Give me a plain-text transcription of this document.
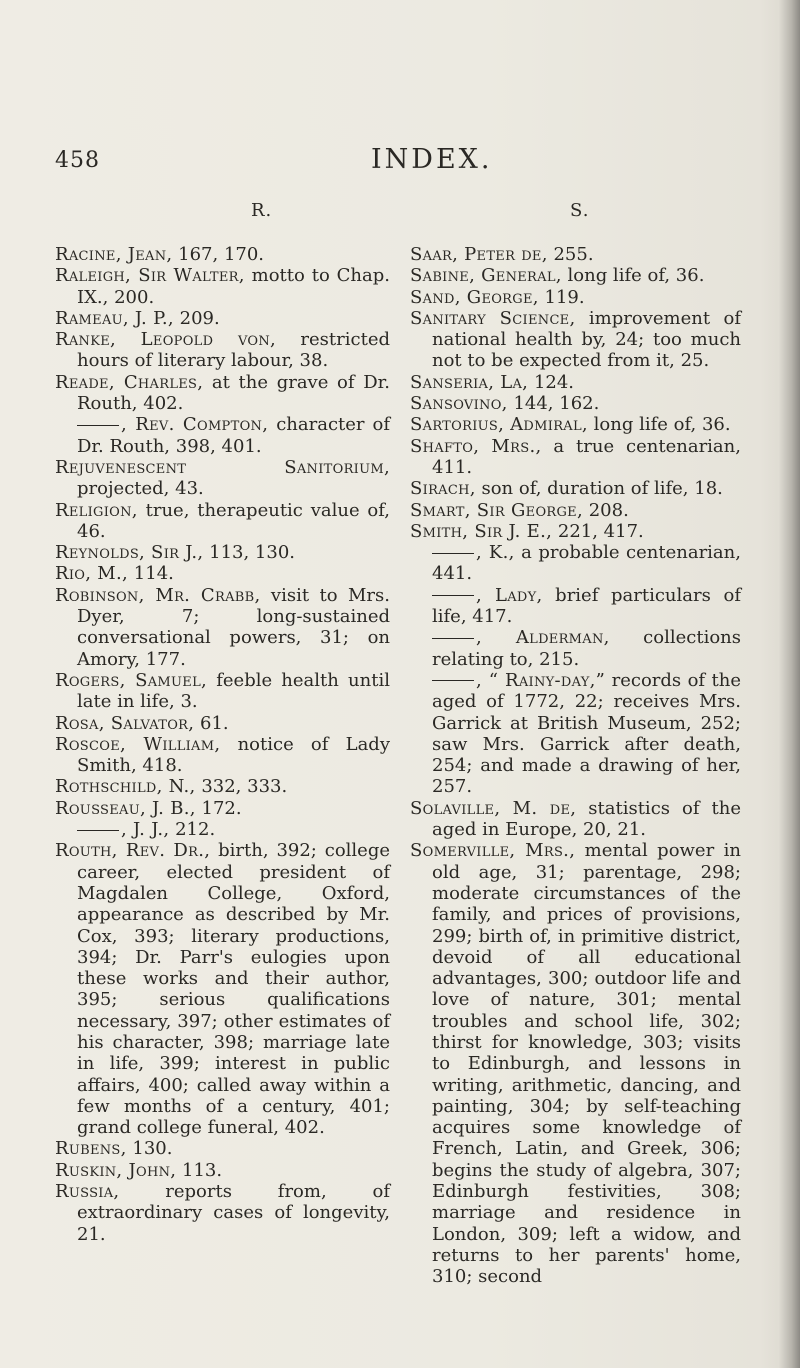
458	INDEX.
R.	S.
Racine, Jean, 167, 170.
Raleigh, Sir Walter, motto to Chap. IX., 200.
Rameau, J. P., 209.
Ranke, Leopold von, restricted hours of literary labour, 38.
Reade, Charles, at the grave of Dr. Routh, 402.
, Rev. Compton, character of Dr. Routh, 398, 401.
Rejuvenescent Sanitorium, projected, 43.
Religion, true, therapeutic value of, 46.
Reynolds, Sir J., 113, 130.
Rio, M., 114.
Robinson, Mr. Crabb, visit to Mrs. Dyer, 7; long-sustained conversational powers, 31; on Amory, 177.
Rogers, Samuel, feeble health until late in life, 3.
Rosa, Salvator, 61.
Roscoe, William, notice of Lady Smith, 418.
Rothschild, N., 332, 333.
Rousseau, J. B., 172.
, J. J., 212.
Routh, Rev. Dr., birth, 392; college career, elected president of Magdalen College, Oxford, appearance as described by Mr. Cox, 393; literary productions, 394; Dr. Parr's eulogies upon these works and their author, 395; serious qualifications necessary, 397; other estimates of his character, 398; marriage late in life, 399; interest in public affairs, 400; called away within a few months of a century, 401; grand college funeral, 402.
Rubens, 130.
Ruskin, John, 113.
Russia, reports from, of extraordinary cases of longevity, 21.
Saar, Peter de, 255.
Sabine, General, long life of, 36.
Sand, George, 119.
Sanitary Science, improvement of national health by, 24; too much not to be expected from it, 25.
Sanseria, La, 124.
Sansovino, 144, 162.
Sartorius, Admiral, long life of, 36.
Shafto, Mrs., a true centenarian, 411.
Sirach, son of, duration of life, 18.
Smart, Sir George, 208.
Smith, Sir J. E., 221, 417.
, K., a probable centenarian, 441.
, Lady, brief particulars of life, 417.
, Alderman, collections relating to, 215.
, “ Rainy-day,” records of the aged of 1772, 22; receives Mrs. Garrick at British Museum, 252; saw Mrs. Garrick after death, 254; and made a drawing of her, 257.
Solaville, M. de, statistics of the aged in Europe, 20, 21.
Somerville, Mrs., mental power in old age, 31; parentage, 298; moderate circumstances of the family, and prices of provisions, 299; birth of, in primitive district, devoid of all educational advantages, 300; outdoor life and love of nature, 301; mental troubles and school life, 302; thirst for knowledge, 303; visits to Edinburgh, and lessons in writing, arithmetic, dancing, and painting, 304; by self-teaching acquires some knowledge of French, Latin, and Greek, 306; begins the study of algebra, 307; Edinburgh festivities, 308; marriage and residence in London, 309; left a widow, and returns to her parents' home, 310; second
